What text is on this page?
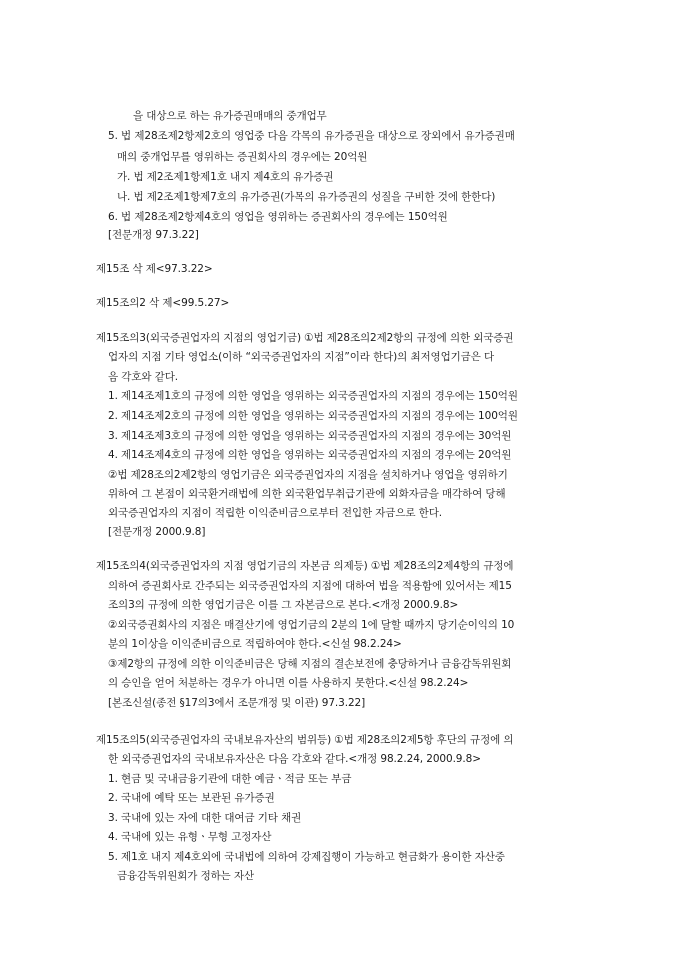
을 대상으로 하는 유가증권매매의 중개업무
5. 법 제28조제2항제2호의 영업중 다음 각목의 유가증권을 대상으로 장외에서 유가증권매
매의 중개업무를 영위하는 증권회사의 경우에는 20억원
가. 법 제2조제1항제1호 내지 제4호의 유가증권
나. 법 제2조제1항제7호의 유가증권(가목의 유가증권의 성질을 구비한 것에 한한다)
6. 법 제28조제2항제4호의 영업을 영위하는 증권회사의 경우에는 150억원
[전문개정 97.3.22]
제15조 삭 제<97.3.22>
제15조의2 삭 제<99.5.27>
제15조의3(외국증권업자의 지점의 영업기금) ①법 제28조의2제2항의 규정에 의한 외국증권
업자의 지점 기타 영업소(이하 “외국증권업자의 지점”이라 한다)의 최저영업기금은 다
음 각호와 같다.
1. 제14조제1호의 규정에 의한 영업을 영위하는 외국증권업자의 지점의 경우에는 150억원
2. 제14조제2호의 규정에 의한 영업을 영위하는 외국증권업자의 지점의 경우에는 100억원
3. 제14조제3호의 규정에 의한 영업을 영위하는 외국증권업자의 지점의 경우에는 30억원
4. 제14조제4호의 규정에 의한 영업을 영위하는 외국증권업자의 지점의 경우에는 20억원
②법 제28조의2제2항의 영업기금은 외국증권업자의 지점을 설치하거나 영업을 영위하기
위하여 그 본점이 외국환거래법에 의한 외국환업무취급기관에 외화자금을 매각하여 당해
외국증권업자의 지점이 적립한 이익준비금으로부터 전입한 자금으로 한다.
[전문개정 2000.9.8]
제15조의4(외국증권업자의 지점 영업기금의 자본금 의제등) ①법 제28조의2제4항의 규정에
의하여 증권회사로 간주되는 외국증권업자의 지점에 대하여 법을 적용함에 있어서는 제15
조의3의 규정에 의한 영업기금은 이를 그 자본금으로 본다.<개정 2000.9.8>
②외국증권회사의 지점은 매결산기에 영업기금의 2분의 1에 달할 때까지 당기순이익의 10
분의 1이상을 이익준비금으로 적립하여야 한다.<신설 98.2.24>
③제2항의 규정에 의한 이익준비금은 당해 지점의 결손보전에 충당하거나 금융감독위원회
의 승인을 얻어 처분하는 경우가 아니면 이를 사용하지 못한다.<신설 98.2.24>
[본조신설(종전 §17의3에서 조문개정 및 이관) 97.3.22]
제15조의5(외국증권업자의 국내보유자산의 범위등) ①법 제28조의2제5항 후단의 규정에 의
한 외국증권업자의 국내보유자산은 다음 각호와 같다.<개정 98.2.24, 2000.9.8>
1. 현금 및 국내금융기관에 대한 예금ㆍ적금 또는 부금
2. 국내에 예탁 또는 보관된 유가증권
3. 국내에 있는 자에 대한 대여금 기타 채권
4. 국내에 있는 유형ㆍ무형 고정자산
5. 제1호 내지 제4호외에 국내법에 의하여 강제집행이 가능하고 현금화가 용이한 자산중
금융감독위원회가 정하는 자산
